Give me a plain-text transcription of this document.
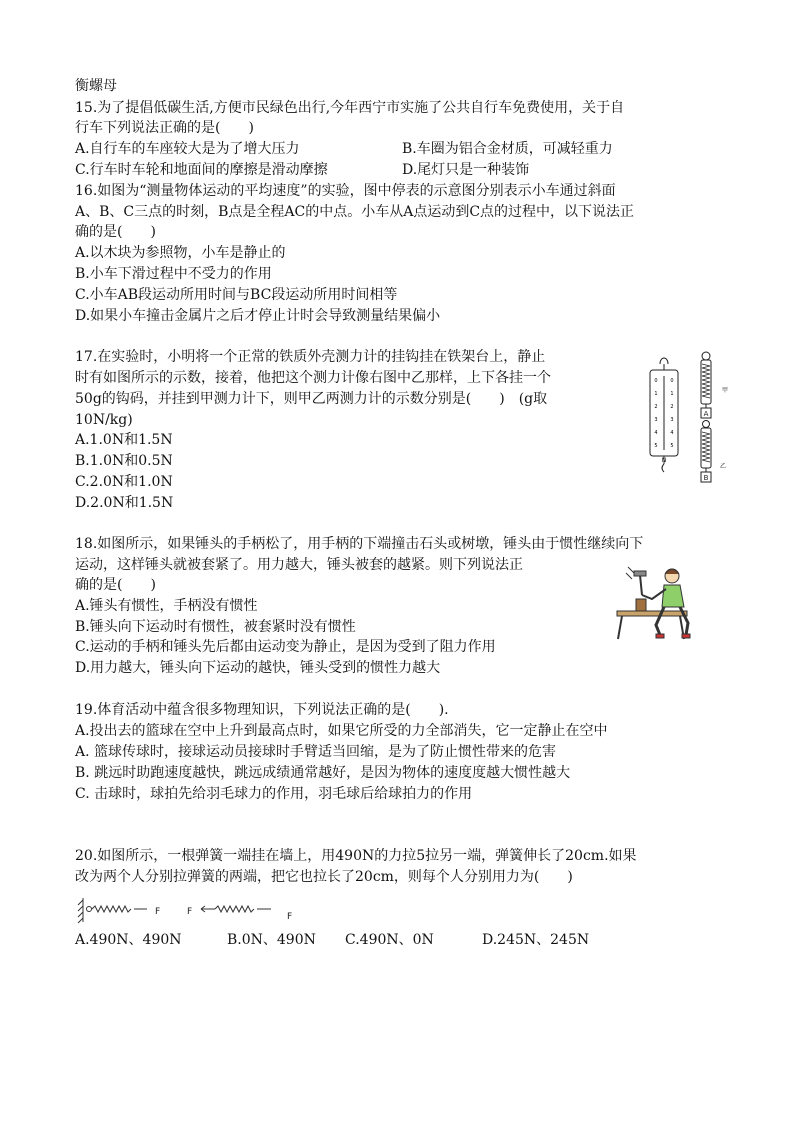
衡螺母
15.为了提倡低碳生活,方便市民绿色出行,今年西宁市实施了公共自行车免费使用，关于自
行车下列说法正确的是(　　)
A.自行车的车座较大是为了增大压力	B.车圈为铝合金材质，可减轻重力
C.行车时车轮和地面间的摩擦是滑动摩擦	D.尾灯只是一种装饰
16.如图为“测量物体运动的平均速度”的实验，图中停表的示意图分别表示小车通过斜面
A、B、C三点的时刻，B点是全程AC的中点。小车从A点运动到C点的过程中，以下说法正
确的是(　　)
A.以木块为参照物，小车是静止的
B.小车下滑过程中不受力的作用
C.小车AB段运动所用时间与BC段运动所用时间相等
D.如果小车撞击金属片之后才停止计时会导致测量结果偏小
17.在实验时，小明将一个正常的铁质外壳测力计的挂钩挂在铁架台上，静止
时有如图所示的示数，接着，他把这个测力计像右图中乙那样，上下各挂一个
50g的钩码，并挂到甲测力计下，则甲乙两测力计的示数分别是(　　)　(g取
10N/kg)
A.1.0N和1.5N
B.1.0N和0.5N
C.2.0N和1.0N
D.2.0N和1.5N
0	0
1	1
2	2
3	3
4	4
5	5
N
甲
A
乙
B
18.如图所示，如果锤头的手柄松了，用手柄的下端撞击石头或树墩，锤头由于惯性继续向下
运动，这样锤头就被套紧了。用力越大，锤头被套的越紧。则下列说法正
确的是(　　)
A.锤头有惯性，手柄没有惯性
B.锤头向下运动时有惯性，被套紧时没有惯性
C.运动的手柄和锤头先后都由运动变为静止，是因为受到了阻力作用
D.用力越大，锤头向下运动的越快，锤头受到的惯性力越大
19.体育活动中蕴含很多物理知识，下列说法正确的是(　　).
A.投出去的篮球在空中上升到最高点时，如果它所受的力全部消失，它一定静止在空中
A. 篮球传球时，接球运动员接球时手臂适当回缩，是为了防止惯性带来的危害
B. 跳远时助跑速度越快，跳远成绩通常越好，是因为物体的速度度越大惯性越大
C. 击球时，球拍先给羽毛球力的作用，羽毛球后给球拍力的作用
20.如图所示，一根弹簧一端挂在墙上，用490N的力拉5拉另一端，弹簧伸长了20cm.如果
改为两个人分别拉弹簧的两端，把它也拉长了20cm，则每个人分别用力为(　　)
F	F	F
A.490N、490N	B.0N、490N C.490N、0N	D.245N、245N
